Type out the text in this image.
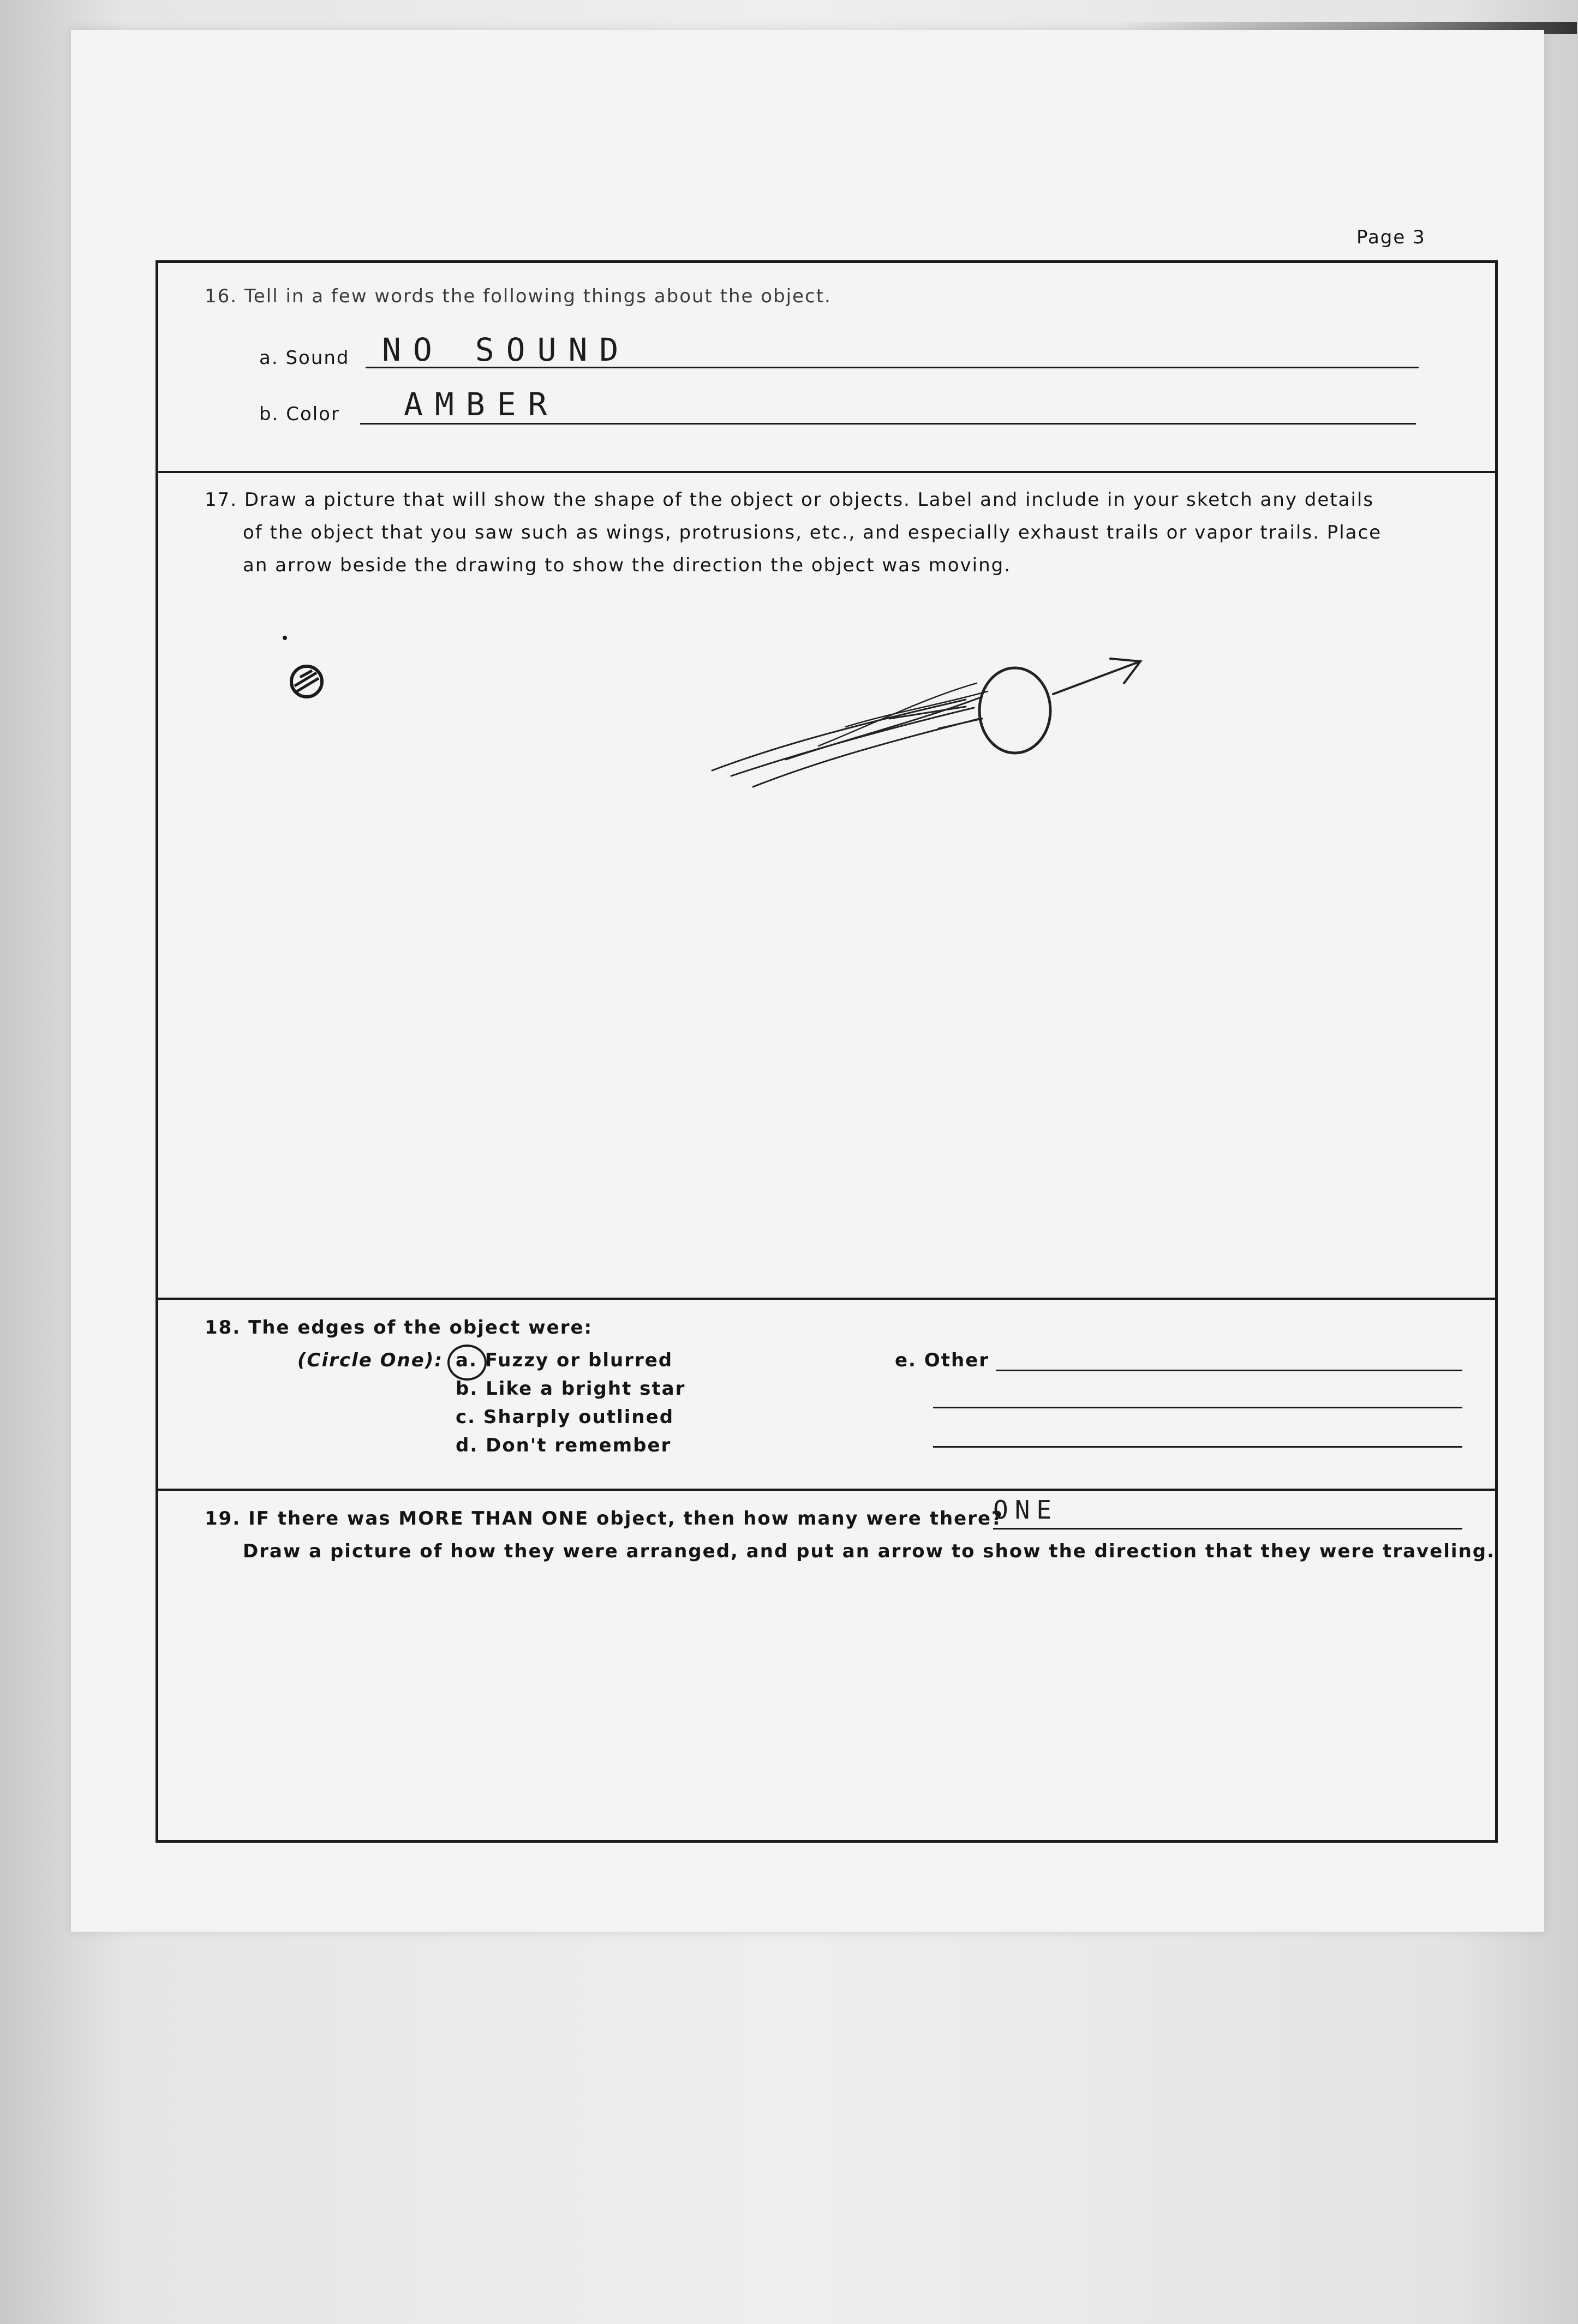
Page 3
16. Tell in a few words the following things about the object.
a. Sound NO SOUND
b. Color AMBER
17. Draw a picture that will show the shape of the object or objects. Label and include in your sketch any details
of the object that you saw such as wings, protrusions, etc., and especially exhaust trails or vapor trails. Place
an arrow beside the drawing to show the direction the object was moving.
18. The edges of the object were:
(Circle One): a. Fuzzy or blurred
b. Like a bright star
c. Sharply outlined
d. Don't remember
e. Other
19. IF there was MORE THAN ONE object, then how many were there?
ONE
Draw a picture of how they were arranged, and put an arrow to show the direction that they were traveling.
